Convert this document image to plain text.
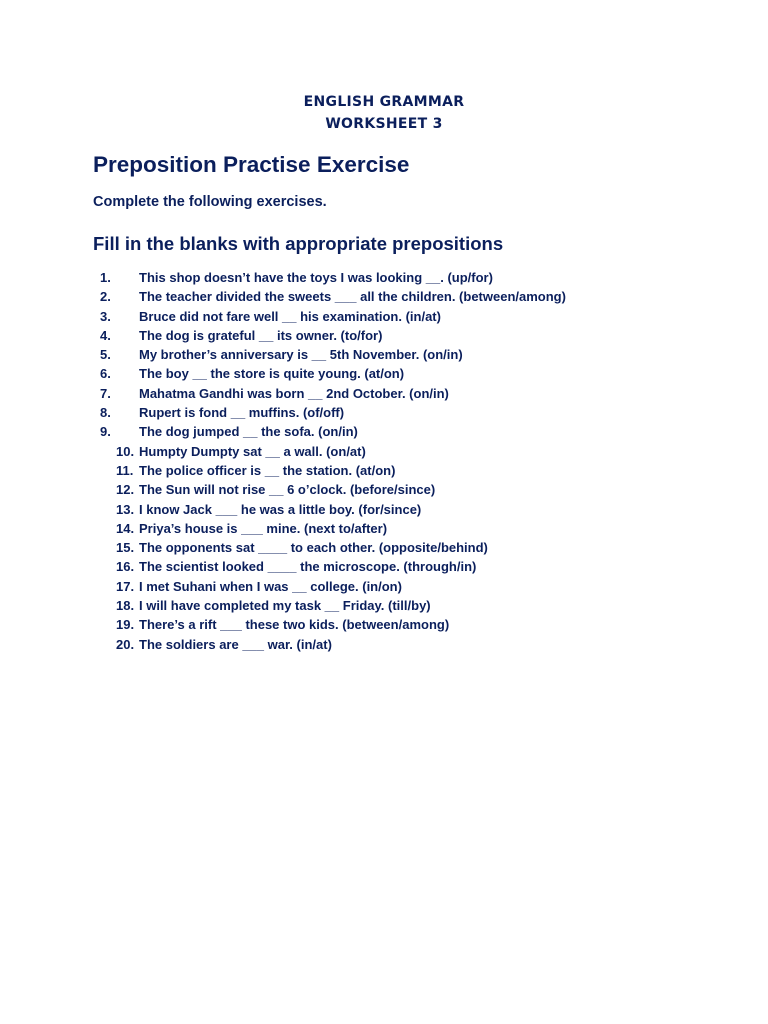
ENGLISH GRAMMAR
WORKSHEET 3
Preposition Practise Exercise
Complete the following exercises.
Fill in the blanks with appropriate prepositions
1.	This shop doesn’t have the toys I was looking __. (up/for)
2.	The teacher divided the sweets ___ all the children. (between/among)
3.	Bruce did not fare well __ his examination. (in/at)
4.	The dog is grateful __ its owner. (to/for)
5.	My brother’s anniversary is __ 5th November. (on/in)
6.	The boy __ the store is quite young. (at/on)
7.	Mahatma Gandhi was born __ 2nd October. (on/in)
8.	Rupert is fond __ muffins. (of/off)
9.	The dog jumped __ the sofa. (on/in)
10. Humpty Dumpty sat __ a wall. (on/at)
11. The police officer is __ the station. (at/on)
12. The Sun will not rise __ 6 o’clock. (before/since)
13. I know Jack ___ he was a little boy. (for/since)
14. Priya’s house is ___ mine. (next to/after)
15. The opponents sat ____ to each other. (opposite/behind)
16. The scientist looked ____ the microscope. (through/in)
17. I met Suhani when I was __ college. (in/on)
18. I will have completed my task __ Friday. (till/by)
19. There’s a rift ___ these two kids. (between/among)
20. The soldiers are ___ war. (in/at)
